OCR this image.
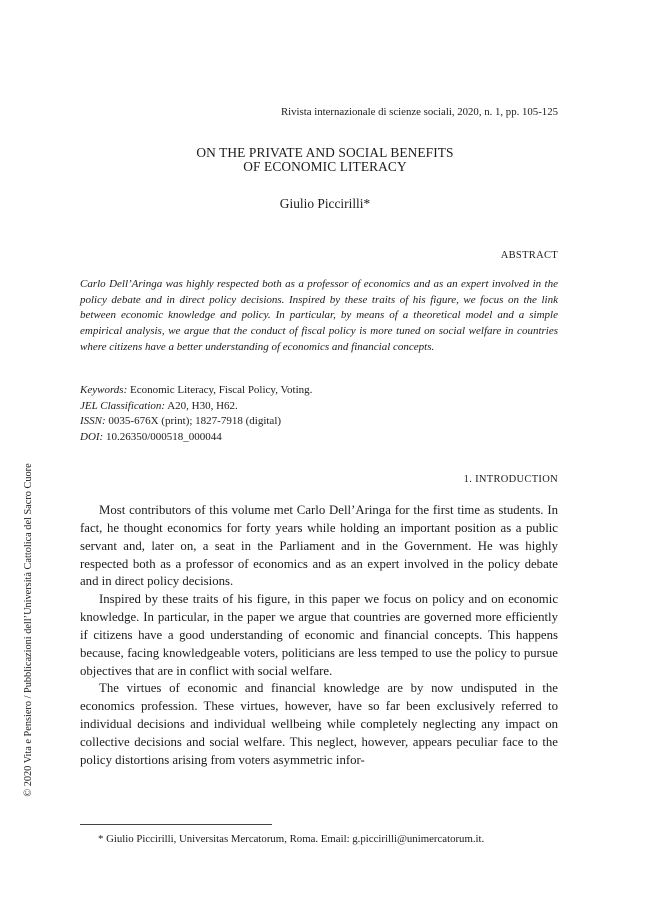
Rivista internazionale di scienze sociali, 2020, n. 1, pp. 105-125
ON THE PRIVATE AND SOCIAL BENEFITS
OF ECONOMIC LITERACY
Giulio Piccirilli*
ABSTRACT
Carlo Dell’Aringa was highly respected both as a professor of economics and as an expert involved in the policy debate and in direct policy decisions. Inspired by these traits of his figure, we focus on the link between economic knowledge and policy. In particular, by means of a theoretical model and a simple empirical analysis, we argue that the conduct of fiscal policy is more tuned on social welfare in countries where citizens have a better understanding of economics and financial concepts.
Keywords: Economic Literacy, Fiscal Policy, Voting.
JEL Classification: A20, H30, H62.
ISSN: 0035-676X (print); 1827-7918 (digital)
DOI: 10.26350/000518_000044
1. INTRODUCTION

Most contributors of this volume met Carlo Dell’Aringa for the first time as students. In fact, he thought economics for forty years while holding an important position as a public servant and, later on, a seat in the Parliament and in the Government. He was highly respected both as a professor of economics and as an expert involved in the policy debate and in direct policy decisions.

Inspired by these traits of his figure, in this paper we focus on policy and on economic knowledge. In particular, in the paper we argue that countries are governed more efficiently if citizens have a good understanding of economic and financial concepts. This happens because, facing knowledgeable voters, politicians are less temped to use the policy to pursue objectives that are in conflict with social welfare.

The virtues of economic and financial knowledge are by now undisputed in the economics profession. These virtues, however, have so far been exclusively referred to individual decisions and individual wellbeing while completely neglecting any impact on collective decisions and social welfare. This neglect, however, appears peculiar face to the policy distortions arising from voters asymmetric infor-

© 2020 Vita e Pensiero / Pubblicazioni dell’Università Cattolica del Sacro Cuore
* Giulio Piccirilli, Universitas Mercatorum, Roma. Email: g.piccirilli@unimercatorum.it.
